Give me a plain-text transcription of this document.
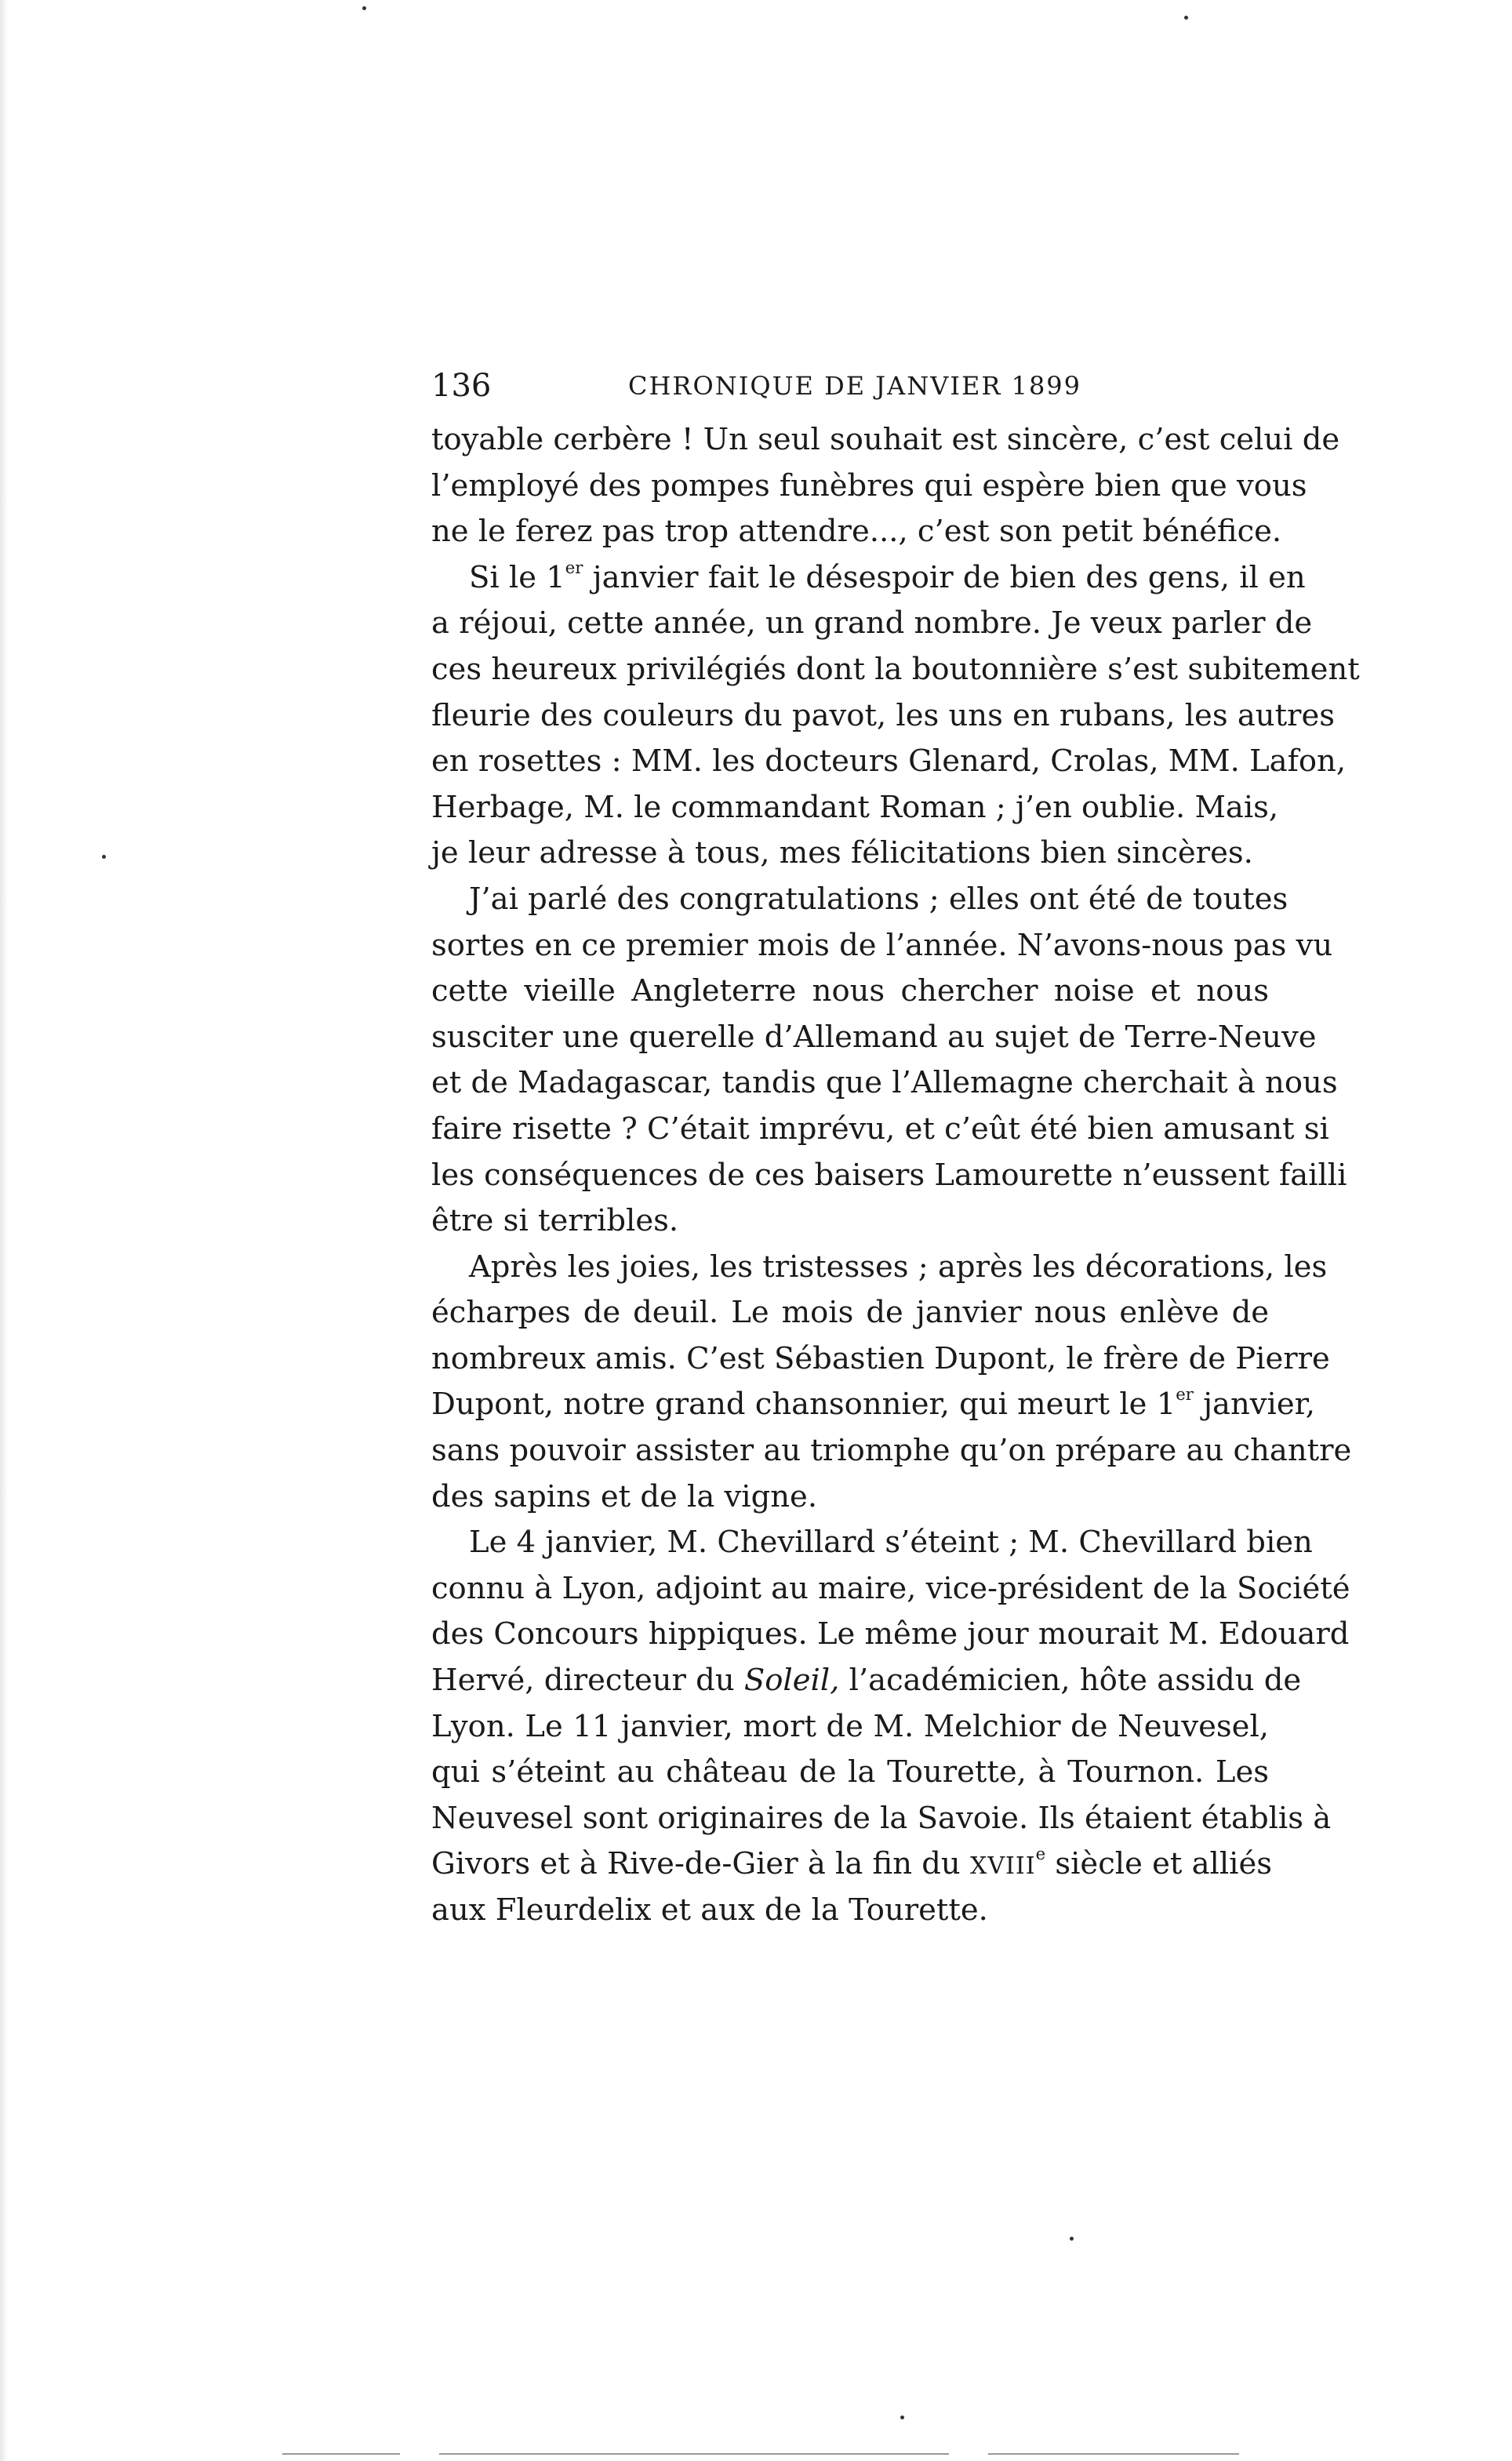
136	CHRONIQUE DE JANVIER 1899

toyable cerbère ! Un seul souhait est sincère, c’est celui de
l’employé des pompes funèbres qui espère bien que vous
ne le ferez pas trop attendre..., c’est son petit bénéfice.

Si le 1er janvier fait le désespoir de bien des gens, il en
a réjoui, cette année, un grand nombre. Je veux parler de
ces heureux privilégiés dont la boutonnière s’est subitement
fleurie des couleurs du pavot, les uns en rubans, les autres
en rosettes : MM. les docteurs Glenard, Crolas, MM. Lafon,
Herbage, M. le commandant Roman ; j’en oublie. Mais,
je leur adresse à tous, mes félicitations bien sincères.

J’ai parlé des congratulations ; elles ont été de toutes
sortes en ce premier mois de l’année. N’avons-nous pas vu
cette vieille Angleterre nous chercher noise et nous
susciter une querelle d’Allemand au sujet de Terre-Neuve
et de Madagascar, tandis que l’Allemagne cherchait à nous
faire risette ? C’était imprévu, et c’eût été bien amusant si
les conséquences de ces baisers Lamourette n’eussent failli
être si terribles.

Après les joies, les tristesses ; après les décorations, les
écharpes de deuil. Le mois de janvier nous enlève de
nombreux amis. C’est Sébastien Dupont, le frère de Pierre
Dupont, notre grand chansonnier, qui meurt le 1er janvier,
sans pouvoir assister au triomphe qu’on prépare au chantre
des sapins et de la vigne.

Le 4 janvier, M. Chevillard s’éteint ; M. Chevillard bien
connu à Lyon, adjoint au maire, vice-président de la Société
des Concours hippiques. Le même jour mourait M. Edouard
Hervé, directeur du Soleil, l’académicien, hôte assidu de
Lyon. Le 11 janvier, mort de M. Melchior de Neuvesel,
qui s’éteint au château de la Tourette, à Tournon. Les
Neuvesel sont originaires de la Savoie. Ils étaient établis à
Givors et à Rive-de-Gier à la fin du XVIIIe siècle et alliés
aux Fleurdelix et aux de la Tourette.
